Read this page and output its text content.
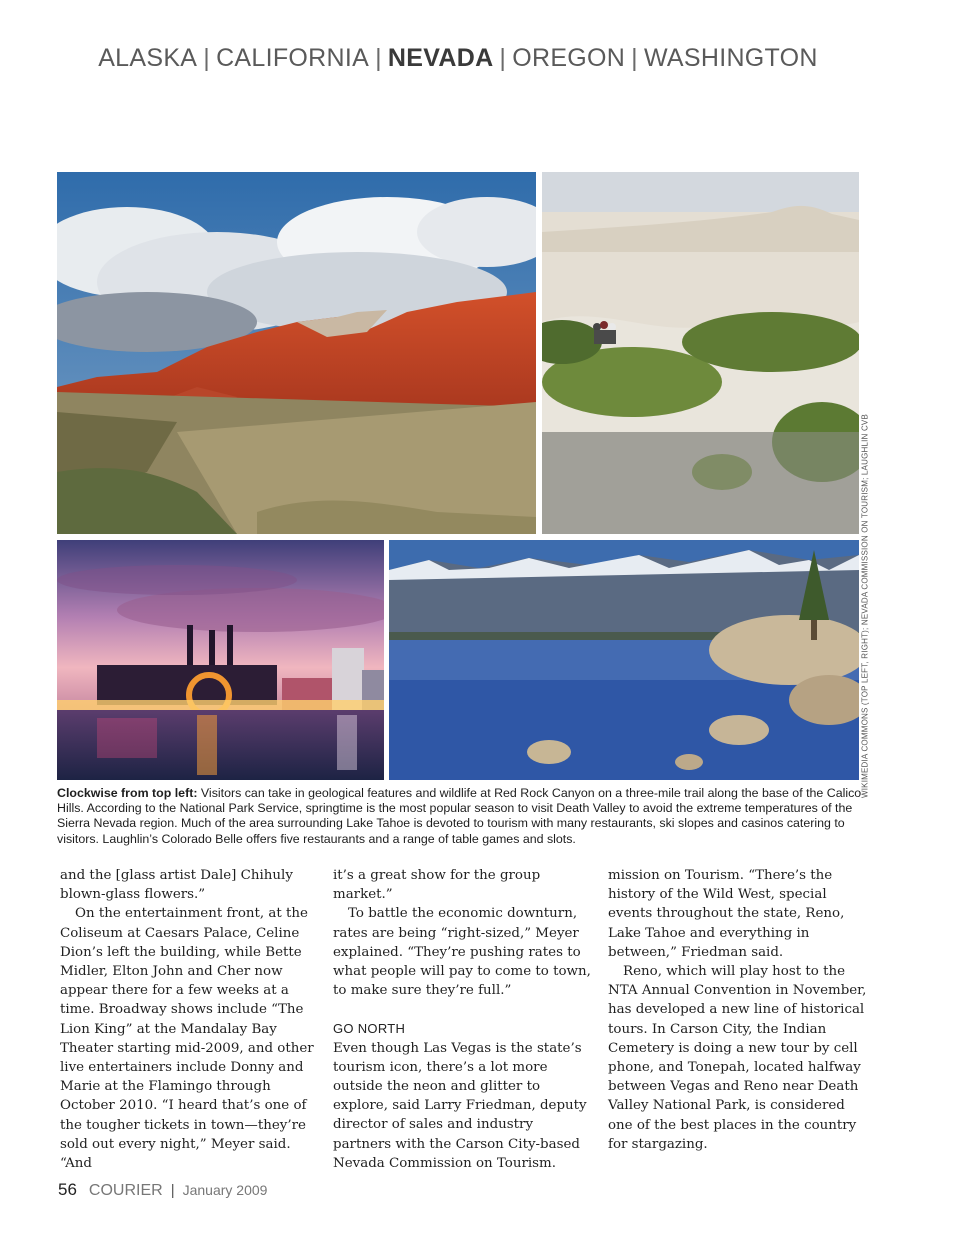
ALASKA | CALIFORNIA | NEVADA | OREGON | WASHINGTON
WIKIMEDIA COMMONS (TOP LEFT, RIGHT); NEVADA COMMISSION ON TOURISM; LAUGHLIN CVB
Clockwise from top left: Visitors can take in geological features and wildlife at Red Rock Canyon on a three-mile trail along the base of the Calico Hills. According to the National Park Service, springtime is the most popular season to visit Death Valley to avoid the extreme temperatures of the Sierra Nevada region. Much of the area surrounding Lake Tahoe is devoted to tourism with many restaurants, ski slopes and casinos catering to visitors. Laughlin’s Colorado Belle offers five restaurants and a range of table games and slots.

and the [glass artist Dale] Chihuly blown-glass flowers.”

On the entertainment front, at the Coliseum at Caesars Palace, Celine Dion’s left the building, while Bette Midler, Elton John and Cher now appear there for a few weeks at a time. Broadway shows include “The Lion King” at the Mandalay Bay Theater starting mid-2009, and other live entertainers include Donny and Marie at the Flamingo through October 2010. “I heard that’s one of the tougher tickets in town—they’re sold out every night,” Meyer said. “And

it’s a great show for the group market.”

To battle the economic downturn, rates are being “right-sized,” Meyer explained. “They’re pushing rates to what people will pay to come to town, to make sure they’re full.”

GO NORTH

Even though Las Vegas is the state’s tourism icon, there’s a lot more outside the neon and glitter to explore, said Larry Friedman, deputy director of sales and industry partners with the Carson City-based Nevada Commission on Tourism.

mission on Tourism. “There’s the history of the Wild West, special events throughout the state, Reno, Lake Tahoe and everything in between,” Friedman said.

Reno, which will play host to the NTA Annual Convention in November, has developed a new line of historical tours. In Carson City, the Indian Cemetery is doing a new tour by cell phone, and Tonepah, located halfway between Vegas and Reno near Death Valley National Park, is considered one of the best places in the country for stargazing.

56 COURIER | January 2009
